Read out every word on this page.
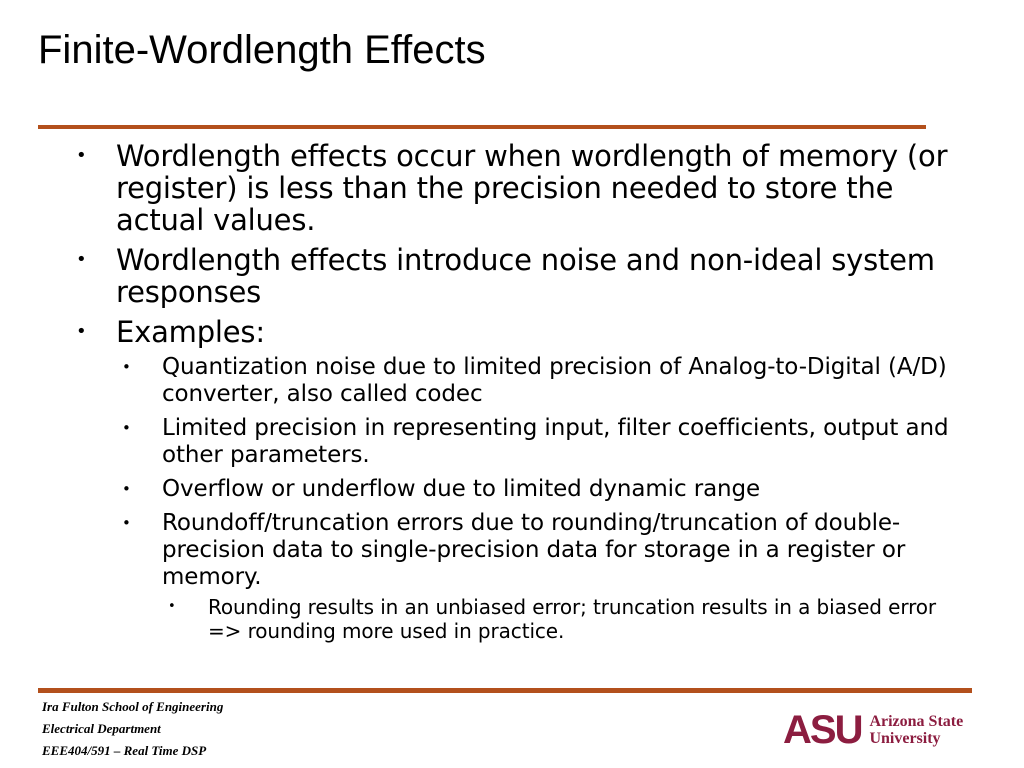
Finite-Wordlength Effects
• Wordlength effects occur when wordlength of memory (or register) is less than the precision needed to store the actual values.
• Wordlength effects introduce noise and non-ideal system responses
• Examples:
• Quantization noise due to limited precision of Analog-to-Digital (A/D) converter, also called codec
• Limited precision in representing input, filter coefficients, output and other parameters.
• Overflow or underflow due to limited dynamic range
• Roundoff/truncation errors due to rounding/truncation of double-precision data to single-precision data for storage in a register or memory.
• Rounding results in an unbiased error; truncation results in a biased error => rounding more used in practice.
Ira Fulton School of Engineering
Electrical Department
EEE404/591 – Real Time DSP	ASU Arizona State
University
